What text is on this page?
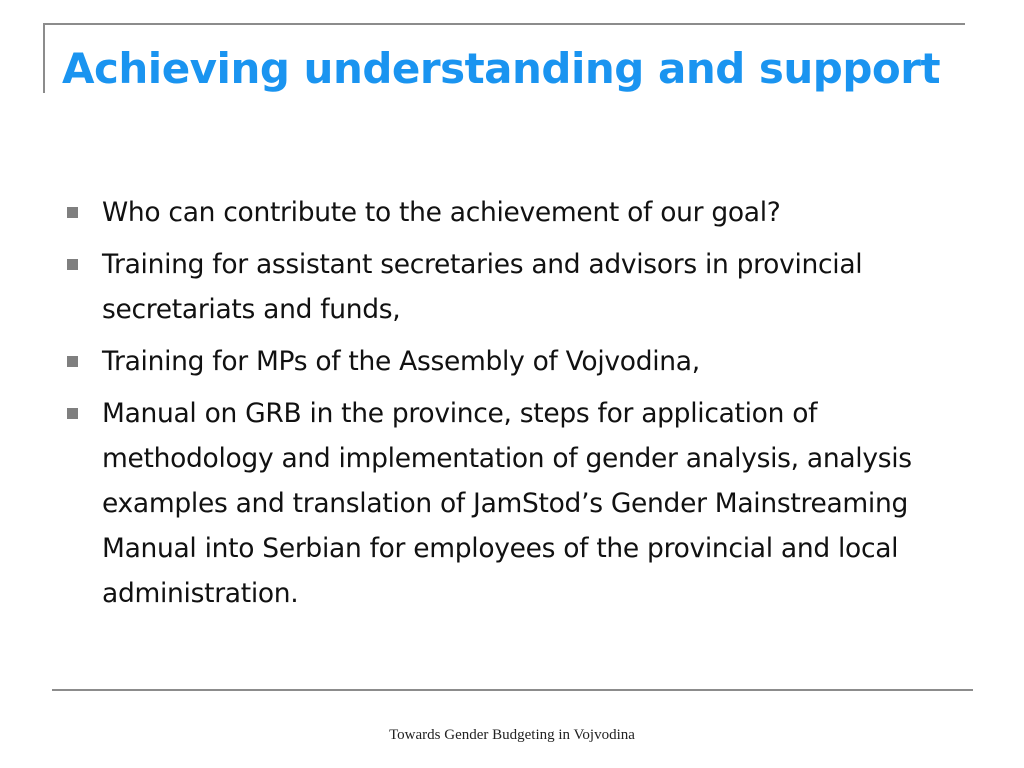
Achieving understanding and support
Who can contribute to the achievement of our goal?
Training for assistant secretaries and advisors in provincial secretariats and funds,
Training for MPs of the Assembly of Vojvodina,
Manual on GRB in the province, steps for application of methodology and implementation of gender analysis, analysis examples and translation of JamStod’s Gender Mainstreaming Manual into Serbian for employees of the provincial and local administration.
Towards Gender Budgeting in Vojvodina
